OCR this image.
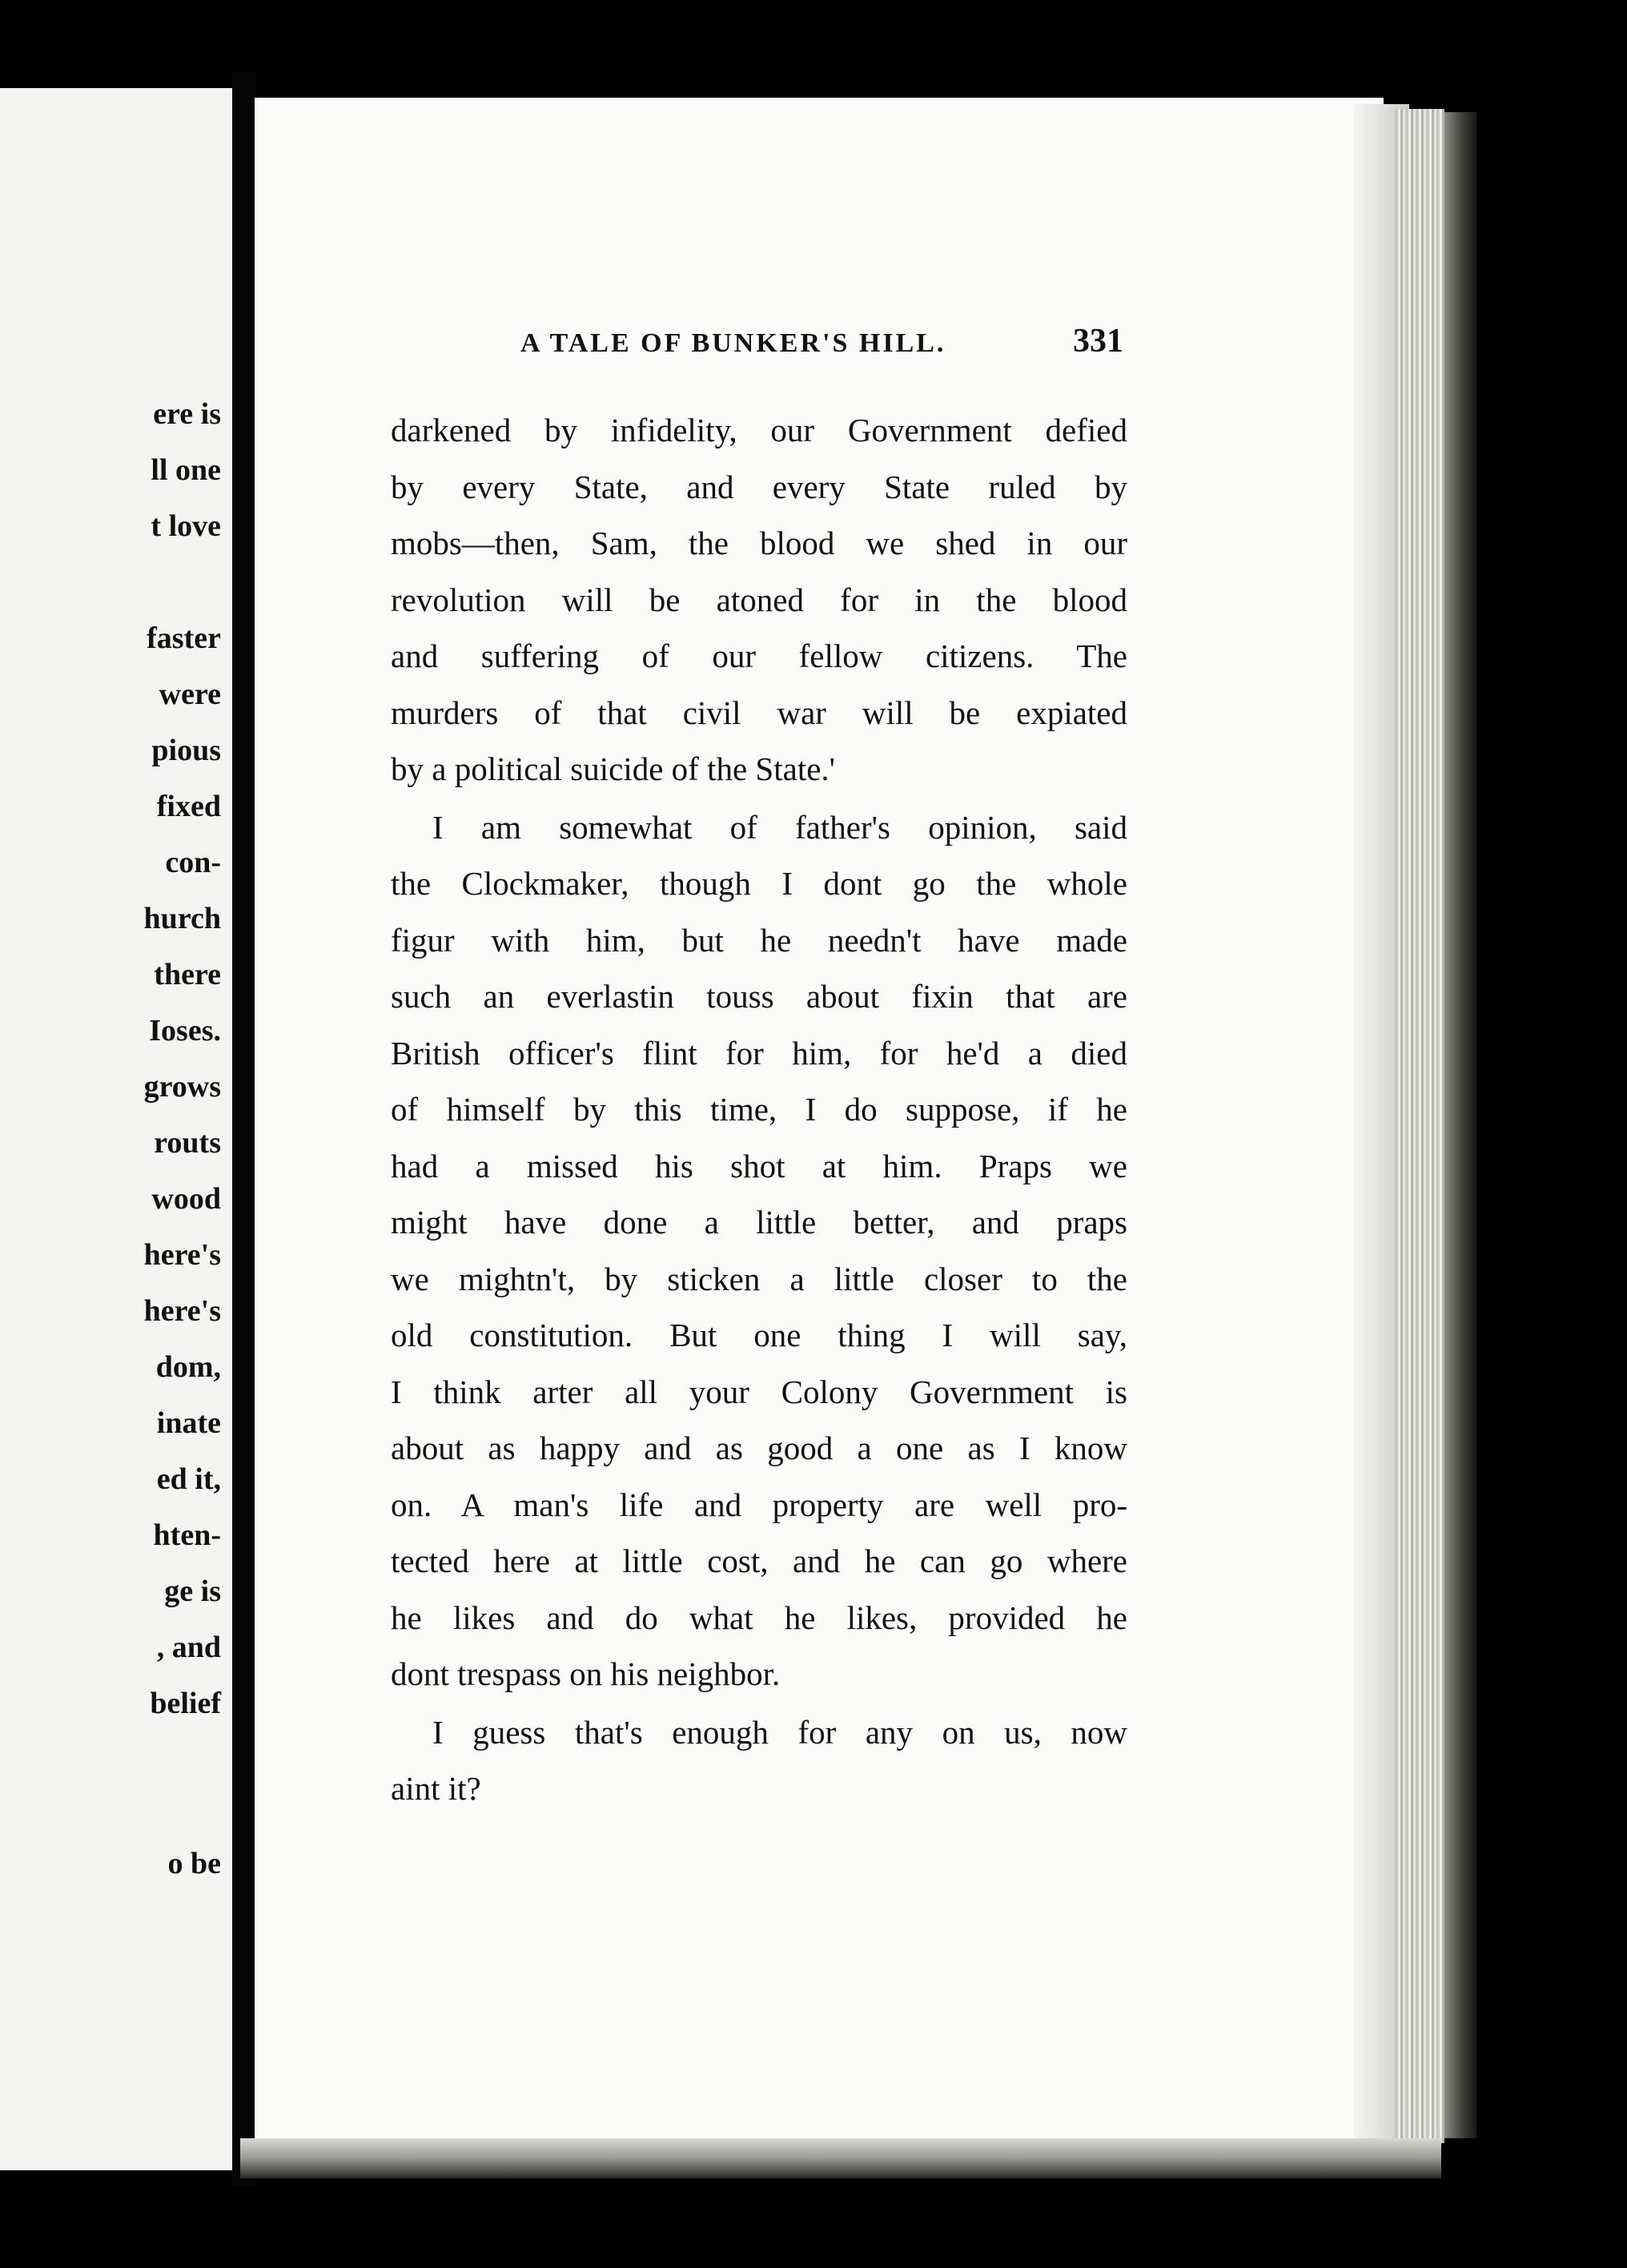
ere is
ll one
t love
faster
were
pious
fixed
con-
hurch
there
Ioses.
grows
routs
wood
here's
here's
dom,
inate
ed it,
hten-
ge is
, and
belief
o be
A TALE OF BUNKER'S HILL.	331
darkened by infidelity, our Government defied
by every State, and every State ruled by
mobs—then, Sam, the blood we shed in our
revolution will be atoned for in the blood
and suffering of our fellow citizens. The
murders of that civil war will be expiated
by a political suicide of the State.'
I am somewhat of father's opinion, said
the Clockmaker, though I dont go the whole
figur with him, but he needn't have made
such an everlastin touss about fixin that are
British officer's flint for him, for he'd a died
of himself by this time, I do suppose, if he
had a missed his shot at him. Praps we
might have done a little better, and praps
we mightn't, by sticken a little closer to the
old constitution. But one thing I will say,
I think arter all your Colony Government is
about as happy and as good a one as I know
on. A man's life and property are well pro-
tected here at little cost, and he can go where
he likes and do what he likes, provided he
dont trespass on his neighbor.
I guess that's enough for any on us, now
aint it?
